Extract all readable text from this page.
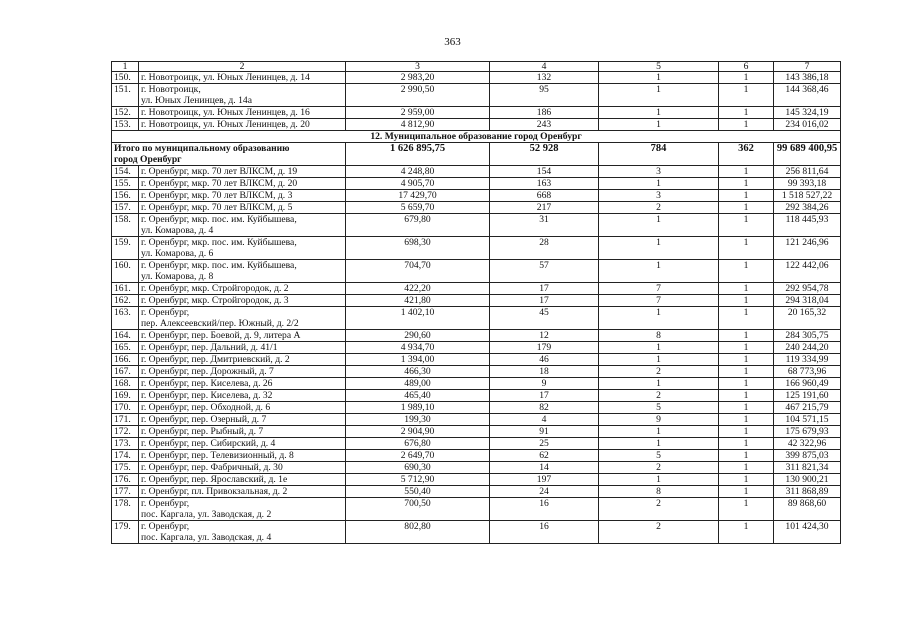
363
1	2	3	4	5	6	7
150.	г. Новотроицк, ул. Юных Ленинцев, д. 14	2 983,20	132	1	1	143 386,18
151.	г. Новотроицк,
ул. Юных Ленинцев, д. 14а	2 990,50	95	1	1	144 368,46
152.	г. Новотроицк, ул. Юных Ленинцев, д. 16	2 959,00	186	1	1	145 324,19
153.	г. Новотроицк, ул. Юных Ленинцев, д. 20	4 812,90	243	1	1	234 016,02
12. Муниципальное образование город Оренбург						

Итого по муниципальному образованию
город Оренбург		1 626 895,75	52 928	784	362	99 689 400,95
154.	г. Оренбург, мкр. 70 лет ВЛКСМ, д. 19	4 248,80	154	3	1	256 811,64
155.	г. Оренбург, мкр. 70 лет ВЛКСМ, д. 20	4 905,70	163	1	1	99 393,18
156.	г. Оренбург, мкр. 70 лет ВЛКСМ, д. 3	17 429,70	668	3	1	1 518 527,22
157.	г. Оренбург, мкр. 70 лет ВЛКСМ, д. 5	5 659,70	217	2	1	292 384,26
158.	г. Оренбург, мкр. пос. им. Куйбышева,
ул. Комарова, д. 4	679,80	31	1	1	118 445,93
159.	г. Оренбург, мкр. пос. им. Куйбышева,
ул. Комарова, д. 6	698,30	28	1	1	121 246,96
160.	г. Оренбург, мкр. пос. им. Куйбышева,
ул. Комарова, д. 8	704,70	57	1	1	122 442,06
161.	г. Оренбург, мкр. Стройгородок, д. 2	422,20	17	7	1	292 954,78
162.	г. Оренбург, мкр. Стройгородок, д. 3	421,80	17	7	1	294 318,04
163.	г. Оренбург,
пер. Алексеевский/пер. Южный, д. 2/2	1 402,10	45	1	1	20 165,32
164.	г. Оренбург, пер. Боевой, д. 9, литера А	290,60	12	8	1	284 305,75
165.	г. Оренбург, пер. Дальний, д. 41/1	4 934,70	179	1	1	240 244,20
166.	г. Оренбург, пер. Дмитриевский, д. 2	1 394,00	46	1	1	119 334,99
167.	г. Оренбург, пер. Дорожный, д. 7	466,30	18	2	1	68 773,96
168.	г. Оренбург, пер. Киселева, д. 26	489,00	9	1	1	166 960,49
169.	г. Оренбург, пер. Киселева, д. 32	465,40	17	2	1	125 191,60
170.	г. Оренбург, пер. Обходной, д. 6	1 989,10	82	5	1	467 215,79
171.	г. Оренбург, пер. Озерный, д. 7	199,30	4	9	1	104 571,15
172.	г. Оренбург, пер. Рыбный, д. 7	2 904,90	91	1	1	175 679,93
173.	г. Оренбург, пер. Сибирский, д. 4	676,80	25	1	1	42 322,96
174.	г. Оренбург, пер. Телевизионный, д. 8	2 649,70	62	5	1	399 875,03
175.	г. Оренбург, пер. Фабричный, д. 30	690,30	14	2	1	311 821,34
176.	г. Оренбург, пер. Ярославский, д. 1е	5 712,90	197	1	1	130 900,21
177.	г. Оренбург, пл. Привокзальная, д. 2	550,40	24	8	1	311 868,89
178.	г. Оренбург,
пос. Каргала, ул. Заводская, д. 2	700,50	16	2	1	89 868,60
179.	г. Оренбург,
пос. Каргала, ул. Заводская, д. 4	802,80	16	2	1	101 424,30
